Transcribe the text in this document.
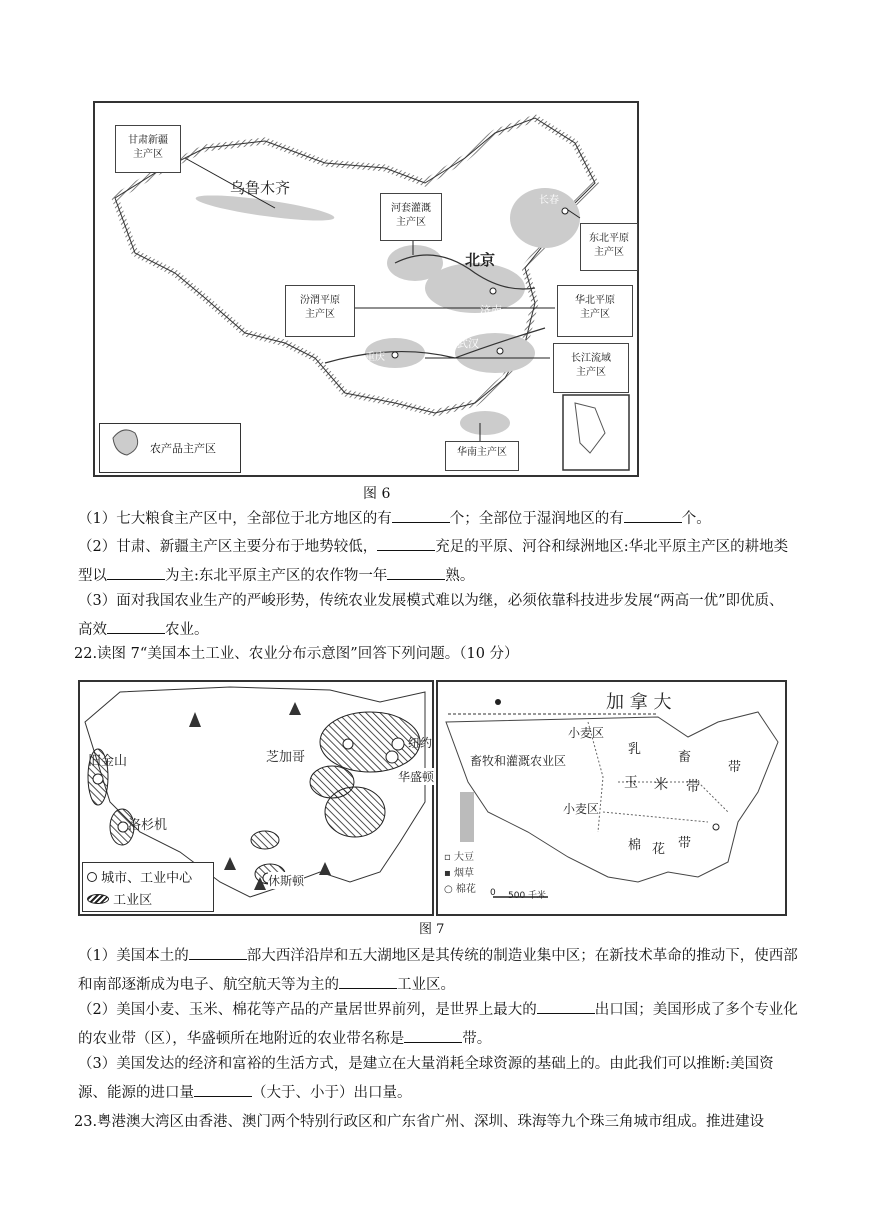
甘肃新疆
主产区
河套灌溉
主产区
东北平原
主产区
汾渭平原
主产区
华北平原
主产区
长江流域
主产区
华南主产区
乌鲁木齐
北京
济南
武汉
重庆
广州
长春
农产品主产区
图 6
（1）七大粮食主产区中，全部位于北方地区的有	个；全部位于湿润地区的有	个。
（2）甘肃、新疆主产区主要分布于地势较低，	充足的平原、河谷和绿洲地区:华北平原主产区的耕地类型以	为主:东北平原主产区的农作物一年	熟。
（3）面对我国农业生产的严峻形势，传统农业发展模式难以为继，必须依靠科技进步发展“两高一优”即优质、高效	农业。
22.读图 7“美国本土工业、农业分布示意图”回答下列问题。（10 分）
旧金山
洛杉机
芝加哥
纽约
华盛顿
休斯顿
城市、工业中心
工业区
加 拿 大
小麦区
畜牧和灌溉农业区
乳
畜
带
玉 米 带
小麦区
棉 花 带
▫ 大豆
▪ 烟草
○ 棉花 0 500 千米
图 7
（1）美国本土的	部大西洋沿岸和五大湖地区是其传统的制造业集中区；在新技术革命的推动下，使西部和南部逐渐成为电子、航空航天等为主的	工业区。
（2）美国小麦、玉米、棉花等产品的产量居世界前列，是世界上最大的	出口国；美国形成了多个专业化的农业带（区），华盛顿所在地附近的农业带名称是	带。
（3）美国发达的经济和富裕的生活方式，是建立在大量消耗全球资源的基础上的。由此我们可以推断:美国资源、能源的进口量	（大于、小于）出口量。
23.粤港澳大湾区由香港、澳门两个特别行政区和广东省广州、深圳、珠海等九个珠三角城市组成。推进建设
